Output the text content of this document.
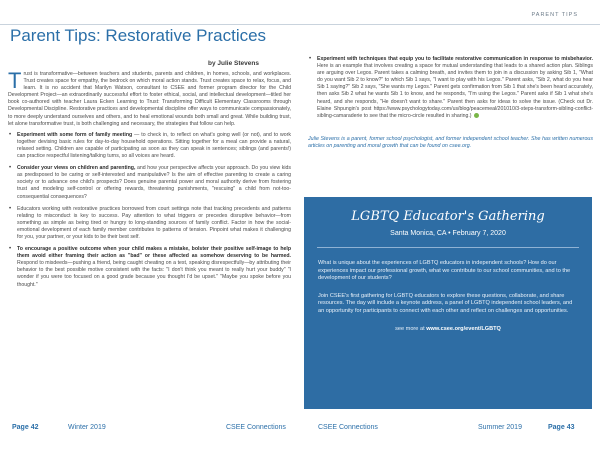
PARENT TIPS
Parent Tips: Restorative Practices
by Julie Stevens

Trust is transformative—between teachers and students, parents and children, in homes, schools, and workplaces. Trust creates space for empathy, the bedrock on which moral action stands. Trust creates space to relax, focus, and learn. It is no accident that Marilyn Watson, consultant to CSEE and former program director for the Child Development Project—an extraordinarily successful effort to foster ethical, social, and intellectual development—titled her book co-authored with teacher Laura Ecken Learning to Trust: Transforming Difficult Elementary Classrooms through Developmental Discipline. Restorative practices and developmental discipline offer ways to communicate compassionately, to more deeply understand ourselves and others, and to heal emotional wounds both small and great. While building trust, let alone transformative trust, is both challenging and necessary, the strategies that follow can help.

• Experiment with some form of family meeting — to check in, to reflect on what's going well (or not), and to work together devising basic rules for day-to-day household operations. Sitting together for a meal can provide a natural, relaxed setting. Children are capable of participating as soon as they can speak in sentences; siblings (and parents!) can practice respectful listening/talking turns, so all voices are heard.
• Consider your views on children and parenting, and how your perspective affects your approach. Do you view kids as predisposed to be caring or self-interested and manipulative? Is the aim of effective parenting to create a caring society or to advance one child's prospects? Does genuine parental power and moral authority derive from fostering trust and modeling self-control or offering rewards, threatening punishments, "rescuing" a child from not-too-consequential consequences?
• Educators working with restorative practices borrowed from court settings note that tracking precedents and patterns relating to misconduct is key to success. Pay attention to what triggers or precedes disruptive behavior—from something as simple as being tired or hungry to long-standing sources of family conflict. Factor in how the social-emotional development of each family member contributes to patterns of tension. Pinpoint what makes it challenging for you, your partner, or your kids to be their best self.
• To encourage a positive outcome when your child makes a mistake, bolster their positive self-image to help them avoid either framing their action as "bad" or these affected as somehow deserving to be harmed. Respond to misdeeds—pushing a friend, being caught cheating on a test, speaking disrespectfully—by attributing their behavior to the best possible motive consistent with the facts: "I don't think you meant to really hurt your buddy" "I wonder if you were too focused on a good grade because you thought I'd be upset." "Maybe you spoke before you thought."
• Experiment with techniques that equip you to facilitate restorative communication in response to misbehavior. Here is an example that involves creating a space for mutual understanding that leads to a shared action plan. Siblings are arguing over Legos. Parent takes a calming breath, and invites them to join in a discussion by asking Sib 1, "What do you want Sib 2 to know?" to which Sib 1 says, "I want to play with his Legos." Parent asks, "Sib 2, what do you hear Sib 1 saying?" Sib 2 says, "She wants my Legos." Parent gets confirmation from Sib 1 that she's been heard accurately, then asks Sib 2 what he wants Sib 1 to know, and he responds, "I'm using the Legos." Parent asks if Sib 1 what she's heard, and she responds, "He doesn't want to share." Parent then asks for ideas to solve the issue. (Check out Dr. Elaine Shpungin's post https://www.psychologytoday.com/us/blog/peacemeal/201010/3-steps-transform-sibling-conflict-sibling-camaraderie to see that the micro-circle resulted in sharing.)

Julie Stevens is a parent, former school psychologist, and former independent school teacher. She has written numerous articles on parenting and moral growth that can be found on csee.org.

LGBTQ Educator's Gathering
Santa Monica, CA • February 7, 2020

What is unique about the experiences of LGBTQ educators in independent schools? How do our experiences impact our professional growth, what we contribute to our school communities, and to the development of our students?

Join CSEE's first gathering for LGBTQ educators to explore these questions, collaborate, and share resources. The day will include a keynote address, a panel of LGBTQ independent school leaders, and an opportunity for participants to connect with each other and reflect on challenges and opportunities.

see more at www.csee.org/event/LGBTQ
Page 42	Winter 2019	CSEE Connections	CSEE Connections	Summer 2019	Page 43
